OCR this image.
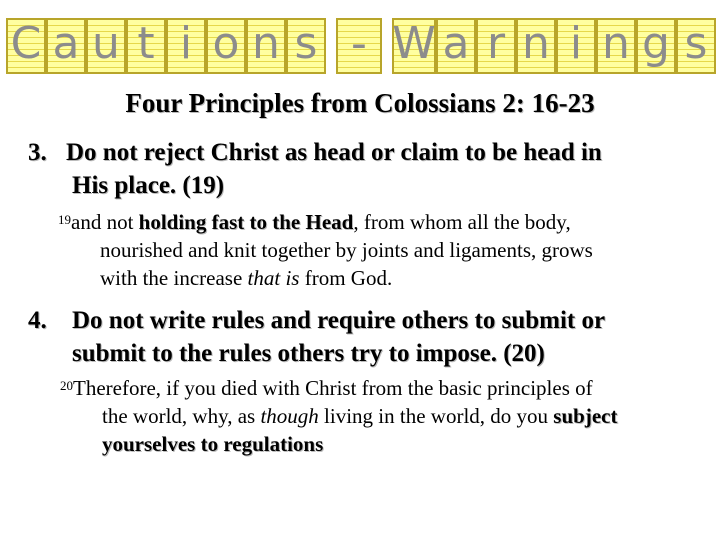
C a u t i o n s - W a r n i n g s
Four Principles from Colossians 2: 16-23
3. Do not reject Christ as head or claim to be head in
His place. (19)
$^{19}$and not holding fast to the Head, from whom all the body,
nourished and knit together by joints and ligaments, grows
with the increase that is from God.
4.	Do not write rules and require others to submit or
submit to the rules others try to impose. (20)
$^{20}$Therefore, if you died with Christ from the basic principles of
the world, why, as though living in the world, do you subject
yourselves to regulations
